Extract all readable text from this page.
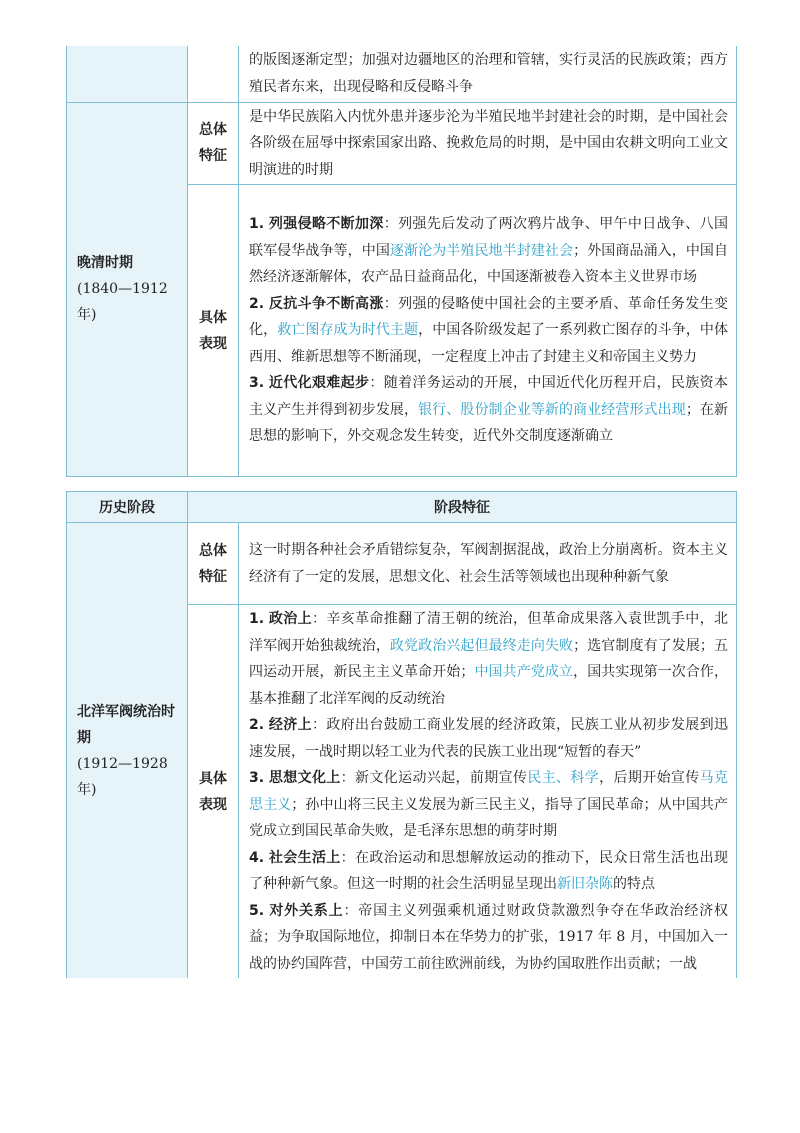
		的版图逐渐定型；加强对边疆地区的治理和管辖，实行灵活的民族政策；西方殖民者东来，出现侵略和反侵略斗争

晚清时期
(1840—1912 年)	总体特征	是中华民族陷入内忧外患并逐步沦为半殖民地半封建社会的时期，是中国社会各阶级在屈辱中探索国家出路、挽救危局的时期，是中国由农耕文明向工业文明演进的时期

	具体表现	1. 列强侵略不断加深：列强先后发动了两次鸦片战争、甲午中日战争、八国联军侵华战争等，中国逐渐沦为半殖民地半封建社会；外国商品涌入，中国自然经济逐渐解体，农产品日益商品化，中国逐渐被卷入资本主义世界市场

2. 反抗斗争不断高涨：列强的侵略使中国社会的主要矛盾、革命任务发生变化，救亡图存成为时代主题，中国各阶级发起了一系列救亡图存的斗争，中体西用、维新思想等不断涌现，一定程度上冲击了封建主义和帝国主义势力

3. 近代化艰难起步：随着洋务运动的开展，中国近代化历程开启，民族资本主义产生并得到初步发展，银行、股份制企业等新的商业经营形式出现；在新思想的影响下，外交观念发生转变，近代外交制度逐渐确立

历史阶段	阶段特征	

北洋军阀统治时期
(1912—1928 年)	总体特征	这一时期各种社会矛盾错综复杂，军阀割据混战，政治上分崩离析。资本主义经济有了一定的发展，思想文化、社会生活等领域也出现种种新气象

	具体表现	1. 政治上：辛亥革命推翻了清王朝的统治，但革命成果落入袁世凯手中，北洋军阀开始独裁统治，政党政治兴起但最终走向失败；选官制度有了发展；五四运动开展，新民主主义革命开始；中国共产党成立，国共实现第一次合作，基本推翻了北洋军阀的反动统治

2. 经济上：政府出台鼓励工商业发展的经济政策，民族工业从初步发展到迅速发展，一战时期以轻工业为代表的民族工业出现“短暂的春天”

3. 思想文化上：新文化运动兴起，前期宣传民主、科学，后期开始宣传马克思主义；孙中山将三民主义发展为新三民主义，指导了国民革命；从中国共产党成立到国民革命失败，是毛泽东思想的萌芽时期

4. 社会生活上：在政治运动和思想解放运动的推动下，民众日常生活也出现了种种新气象。但这一时期的社会生活明显呈现出新旧杂陈的特点

5. 对外关系上：帝国主义列强乘机通过财政贷款激烈争夺在华政治经济权益；为争取国际地位，抑制日本在华势力的扩张，1917 年 8 月，中国加入一战的协约国阵营，中国劳工前往欧洲前线，为协约国取胜作出贡献；一战
